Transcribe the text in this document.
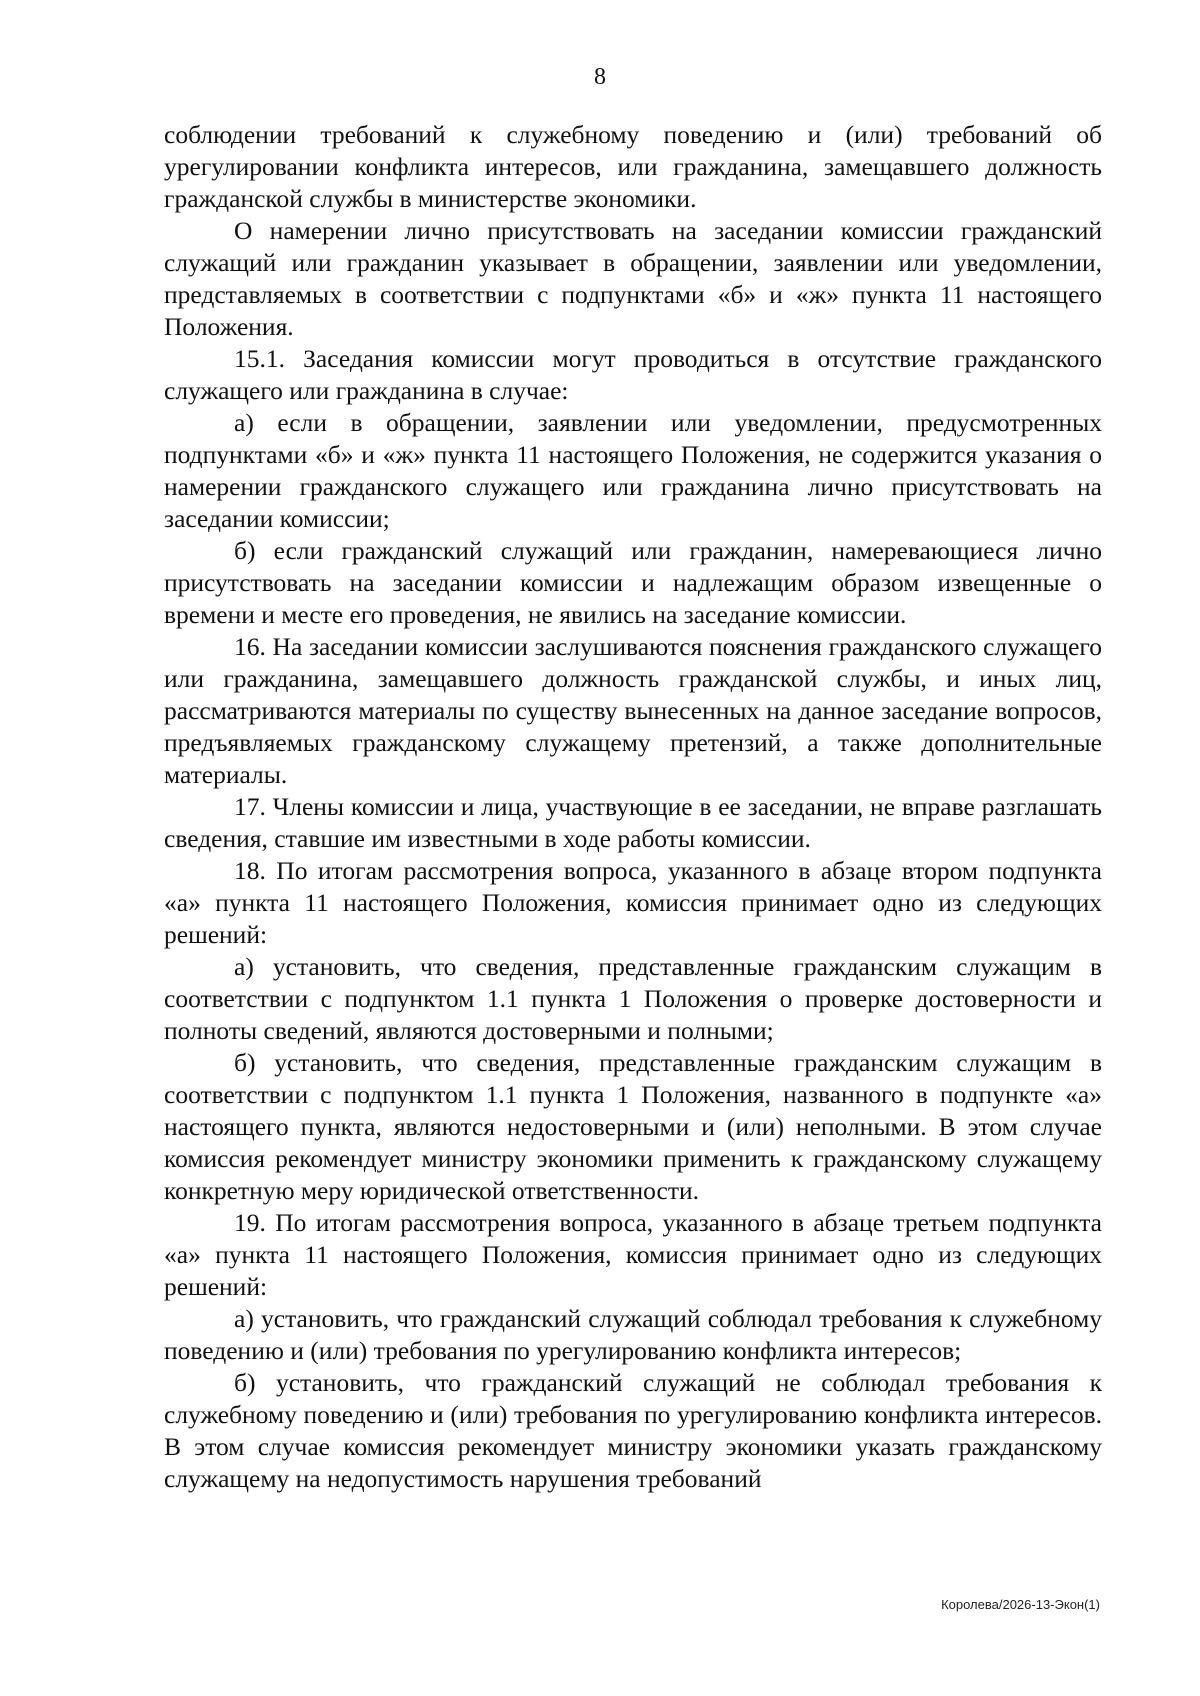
8

соблюдении требований к служебному поведению и (или) требований об урегулировании конфликта интересов, или гражданина, замещавшего должность гражданской службы в министерстве экономики.

О намерении лично присутствовать на заседании комиссии гражданский служащий или гражданин указывает в обращении, заявлении или уведомлении, представляемых в соответствии с подпунктами «б» и «ж» пункта 11 настоящего Положения.

15.1. Заседания комиссии могут проводиться в отсутствие гражданского служащего или гражданина в случае:

а) если в обращении, заявлении или уведомлении, предусмотренных подпунктами «б» и «ж» пункта 11 настоящего Положения, не содержится указания о намерении гражданского служащего или гражданина лично присутствовать на заседании комиссии;

б) если гражданский служащий или гражданин, намеревающиеся лично присутствовать на заседании комиссии и надлежащим образом извещенные о времени и месте его проведения, не явились на заседание комиссии.

16. На заседании комиссии заслушиваются пояснения гражданского служащего или гражданина, замещавшего должность гражданской службы, и иных лиц, рассматриваются материалы по существу вынесенных на данное заседание вопросов, предъявляемых гражданскому служащему претензий, а также дополнительные материалы.

17. Члены комиссии и лица, участвующие в ее заседании, не вправе разглашать сведения, ставшие им известными в ходе работы комиссии.

18. По итогам рассмотрения вопроса, указанного в абзаце втором подпункта «а» пункта 11 настоящего Положения, комиссия принимает одно из следующих решений:

а) установить, что сведения, представленные гражданским служащим в соответствии с подпунктом 1.1 пункта 1 Положения о проверке достоверности и полноты сведений, являются достоверными и полными;

б) установить, что сведения, представленные гражданским служащим в соответствии с подпунктом 1.1 пункта 1 Положения, названного в подпункте «а» настоящего пункта, являются недостоверными и (или) неполными. В этом случае комиссия рекомендует министру экономики применить к гражданскому служащему конкретную меру юридической ответственности.

19. По итогам рассмотрения вопроса, указанного в абзаце третьем подпункта «а» пункта 11 настоящего Положения, комиссия принимает одно из следующих решений:

а) установить, что гражданский служащий соблюдал требования к служебному поведению и (или) требования по урегулированию конфликта интересов;

б) установить, что гражданский служащий не соблюдал требования к служебному поведению и (или) требования по урегулированию конфликта интересов. В этом случае комиссия рекомендует министру экономики указать гражданскому служащему на недопустимость нарушения требований

Королева/2026-13-Экон(1)
